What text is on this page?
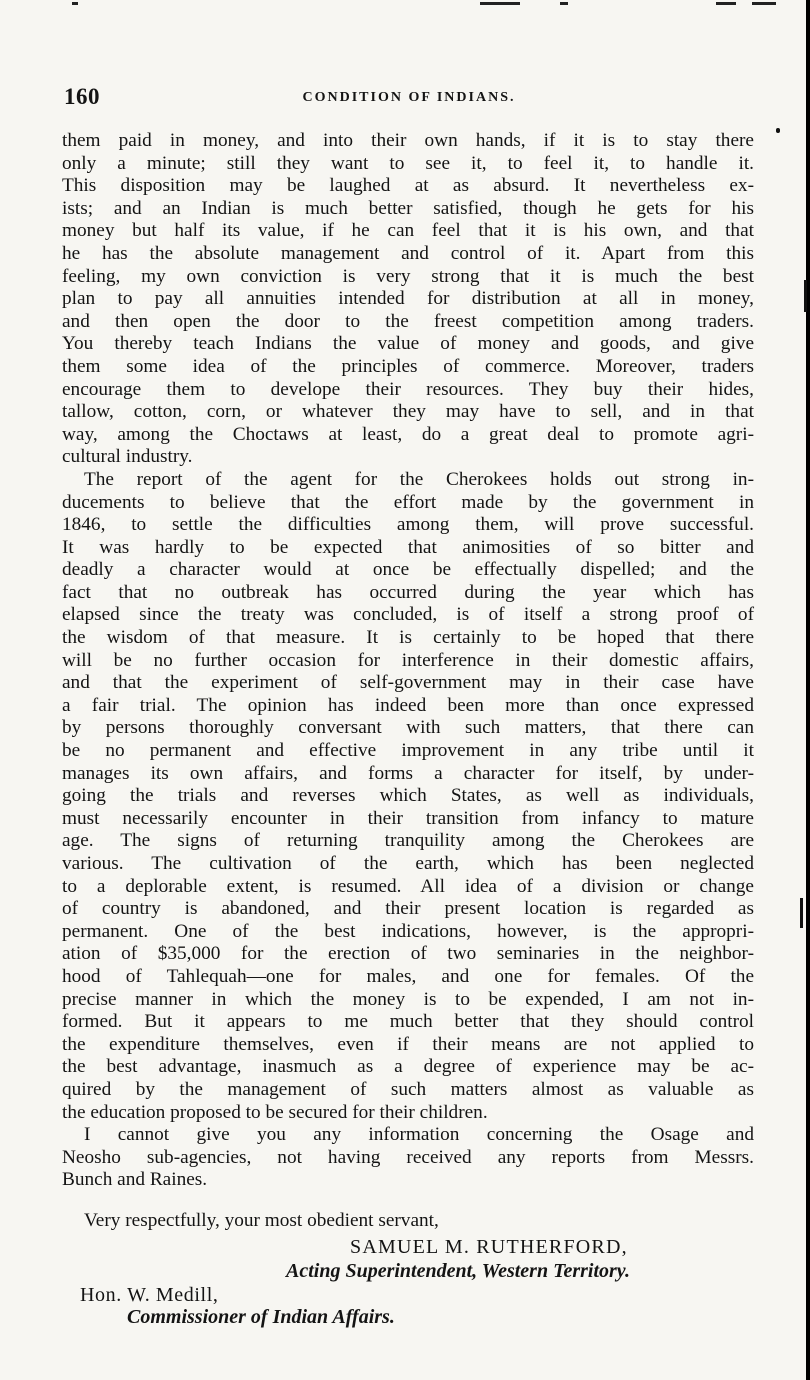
160	CONDITION OF INDIANS.
them paid in money, and into their own hands, if it is to stay there
only a minute; still they want to see it, to feel it, to handle it.
This disposition may be laughed at as absurd. It nevertheless ex-
ists; and an Indian is much better satisfied, though he gets for his
money but half its value, if he can feel that it is his own, and that
he has the absolute management and control of it. Apart from this
feeling, my own conviction is very strong that it is much the best
plan to pay all annuities intended for distribution at all in money,
and then open the door to the freest competition among traders.
You thereby teach Indians the value of money and goods, and give
them some idea of the principles of commerce. Moreover, traders
encourage them to develope their resources. They buy their hides,
tallow, cotton, corn, or whatever they may have to sell, and in that
way, among the Choctaws at least, do a great deal to promote agri-
cultural industry.
The report of the agent for the Cherokees holds out strong in-
ducements to believe that the effort made by the government in
1846, to settle the difficulties among them, will prove successful.
It was hardly to be expected that animosities of so bitter and
deadly a character would at once be effectually dispelled; and the
fact that no outbreak has occurred during the year which has
elapsed since the treaty was concluded, is of itself a strong proof of
the wisdom of that measure. It is certainly to be hoped that there
will be no further occasion for interference in their domestic affairs,
and that the experiment of self-government may in their case have
a fair trial. The opinion has indeed been more than once expressed
by persons thoroughly conversant with such matters, that there can
be no permanent and effective improvement in any tribe until it
manages its own affairs, and forms a character for itself, by under-
going the trials and reverses which States, as well as individuals,
must necessarily encounter in their transition from infancy to mature
age. The signs of returning tranquility among the Cherokees are
various. The cultivation of the earth, which has been neglected
to a deplorable extent, is resumed. All idea of a division or change
of country is abandoned, and their present location is regarded as
permanent. One of the best indications, however, is the appropri-
ation of $35,000 for the erection of two seminaries in the neighbor-
hood of Tahlequah—one for males, and one for females. Of the
precise manner in which the money is to be expended, I am not in-
formed. But it appears to me much better that they should control
the expenditure themselves, even if their means are not applied to
the best advantage, inasmuch as a degree of experience may be ac-
quired by the management of such matters almost as valuable as
the education proposed to be secured for their children.
I cannot give you any information concerning the Osage and
Neosho sub-agencies, not having received any reports from Messrs.
Bunch and Raines.
Very respectfully, your most obedient servant,
SAMUEL M. RUTHERFORD,
Acting Superintendent, Western Territory.
Hon. W. Medill,
Commissioner of Indian Affairs.
